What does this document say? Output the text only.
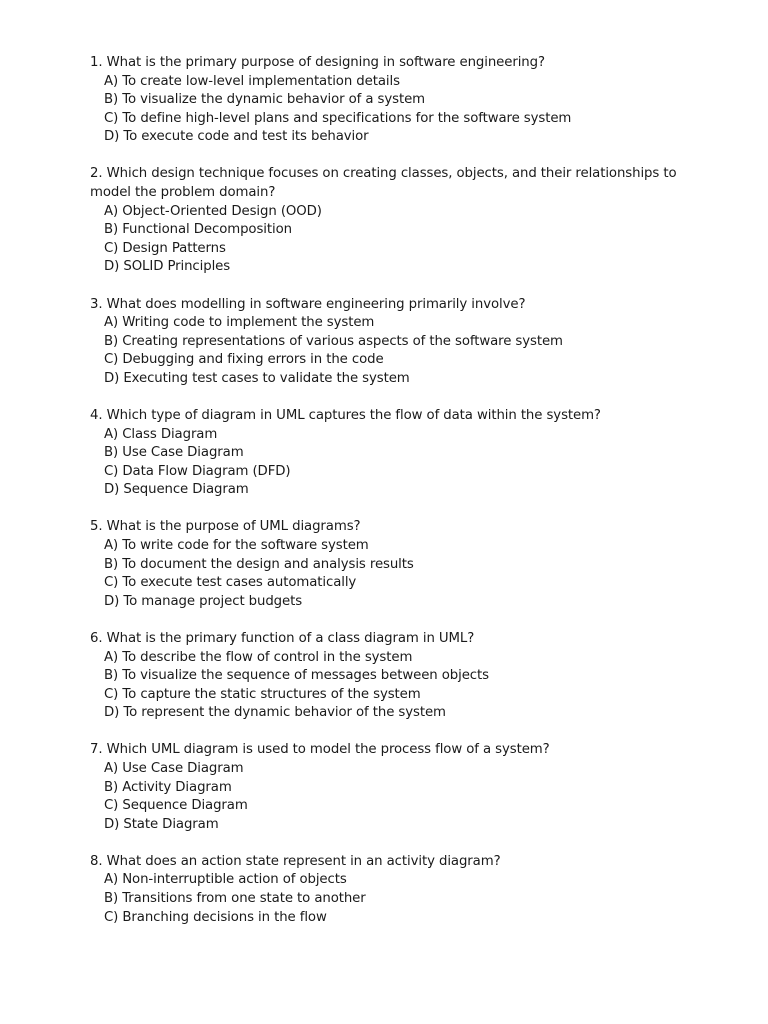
1. What is the primary purpose of designing in software engineering?

A) To create low-level implementation details
B) To visualize the dynamic behavior of a system
C) To define high-level plans and specifications for the software system
D) To execute code and test its behavior

2. Which design technique focuses on creating classes, objects, and their relationships to model the problem domain?

A) Object-Oriented Design (OOD)
B) Functional Decomposition
C) Design Patterns
D) SOLID Principles

3. What does modelling in software engineering primarily involve?

A) Writing code to implement the system
B) Creating representations of various aspects of the software system
C) Debugging and fixing errors in the code
D) Executing test cases to validate the system

4. Which type of diagram in UML captures the flow of data within the system?

A) Class Diagram
B) Use Case Diagram
C) Data Flow Diagram (DFD)
D) Sequence Diagram

5. What is the purpose of UML diagrams?

A) To write code for the software system
B) To document the design and analysis results
C) To execute test cases automatically
D) To manage project budgets

6. What is the primary function of a class diagram in UML?

A) To describe the flow of control in the system
B) To visualize the sequence of messages between objects
C) To capture the static structures of the system
D) To represent the dynamic behavior of the system

7. Which UML diagram is used to model the process flow of a system?

A) Use Case Diagram
B) Activity Diagram
C) Sequence Diagram
D) State Diagram

8. What does an action state represent in an activity diagram?

A) Non-interruptible action of objects
B) Transitions from one state to another
C) Branching decisions in the flow
